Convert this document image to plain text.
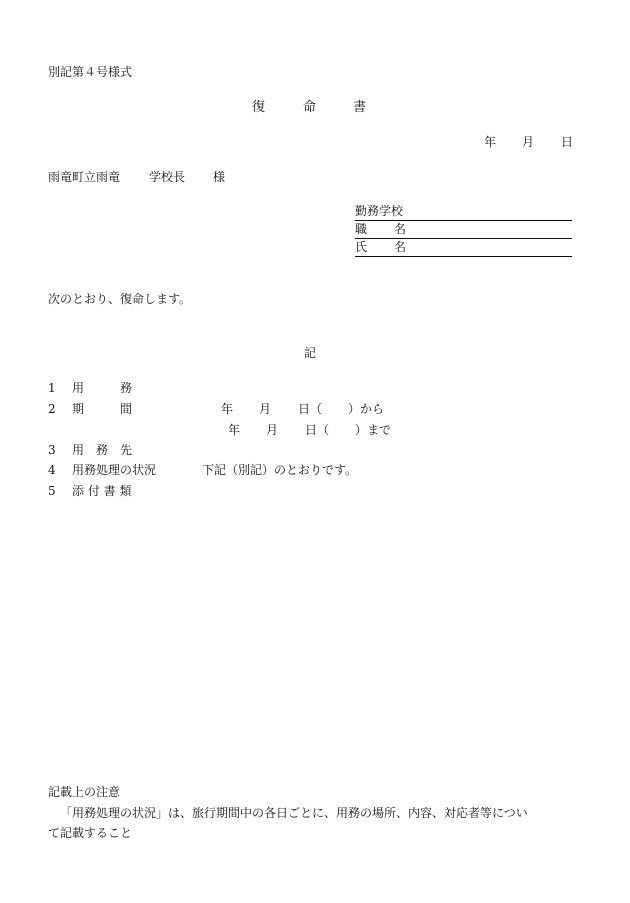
別記第４号様式
復	命	書
年 月 日
雨竜町立雨竜 学校長 様

勤務学校

職

名

氏

名

次のとおり、復命します。
記

1

用　　　務

2

期　　　間

3

用　務　先

4

用務処理の状況

5

添 付 書 類

年 月 日（ ）から
年 月 日（ ）まで
下記（別記）のとおりです。
記載上の注意
「用務処理の状況」は、旅行期間中の各日ごとに、用務の場所、内容、対応者等につい
て記載すること
